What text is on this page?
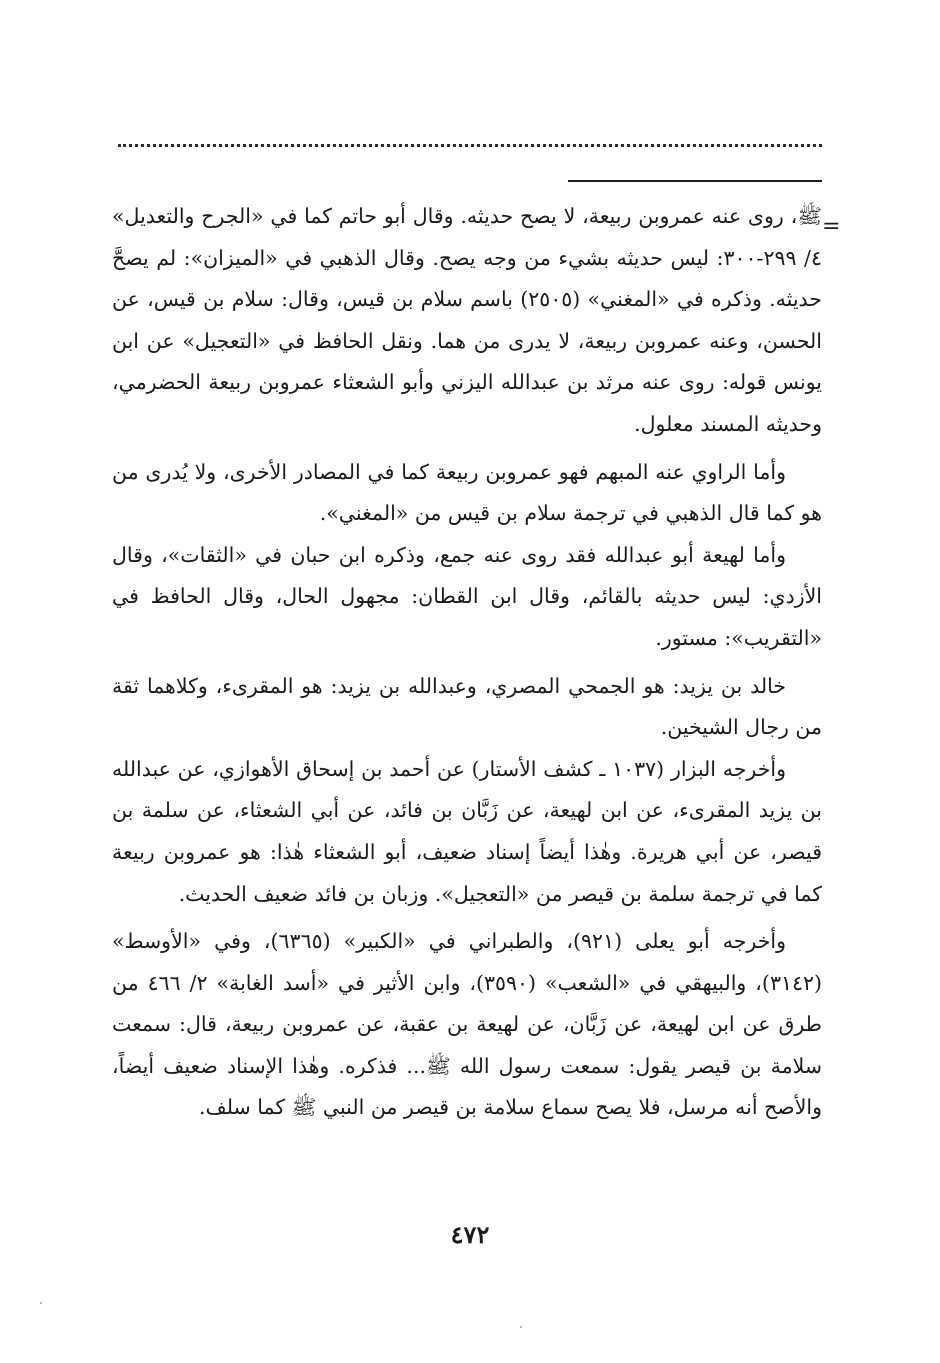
=

ﷺ، روى عنه عمروبن ربيعة، لا يصح حديثه. وقال أبو حاتم كما في «الجرح والتعديل» ٤/ ٢٩٩-٣٠٠: ليس حديثه بشيء من وجه يصح. وقال الذهبي في «الميزان»: لم يصحَّ حديثه. وذكره في «المغني» (٢٥٠٥) باسم سلام بن قيس، وقال: سلام بن قيس، عن الحسن، وعنه عمروبن ربيعة، لا يدرى من هما. ونقل الحافظ في «التعجيل» عن ابن يونس قوله: روى عنه مرثد بن عبدالله اليزني وأبو الشعثاء عمروبن ربيعة الحضرمي، وحديثه المسند معلول.

وأما الراوي عنه المبهم فهو عمروبن ربيعة كما في المصادر الأخرى، ولا يُدرى من هو كما قال الذهبي في ترجمة سلام بن قيس من «المغني».

وأما لهيعة أبو عبدالله فقد روى عنه جمع، وذكره ابن حبان في «الثقات»، وقال الأزدي: ليس حديثه بالقائم، وقال ابن القطان: مجهول الحال، وقال الحافظ في «التقريب»: مستور.

خالد بن يزيد: هو الجمحي المصري، وعبدالله بن يزيد: هو المقرىء، وكلاهما ثقة من رجال الشيخين.

وأخرجه البزار (١٠٣٧ ـ كشف الأستار) عن أحمد بن إسحاق الأهوازي، عن عبدالله بن يزيد المقرىء، عن ابن لهيعة، عن زَبَّان بن فائد، عن أبي الشعثاء، عن سلمة بن قيصر، عن أبي هريرة. وهٰذا أيضاً إسناد ضعيف، أبو الشعثاء هٰذا: هو عمروبن ربيعة كما في ترجمة سلمة بن قيصر من «التعجيل». وزبان بن فائد ضعيف الحديث.

وأخرجه أبو يعلى (٩٢١)، والطبراني في «الكبير» (٦٣٦٥)، وفي «الأوسط» (٣١٤٢)، والبيهقي في «الشعب» (٣٥٩٠)، وابن الأثير في «أسد الغابة» ٢/ ٤٦٦ من طرق عن ابن لهيعة، عن زَبَّان، عن لهيعة بن عقبة، عن عمروبن ربيعة، قال: سمعت سلامة بن قيصر يقول: سمعت رسول الله ﷺ... فذكره. وهٰذا الإسناد ضعيف أيضاً، والأصح أنه مرسل، فلا يصح سماع سلامة بن قيصر من النبي ﷺ كما سلف.

٤٧٢
